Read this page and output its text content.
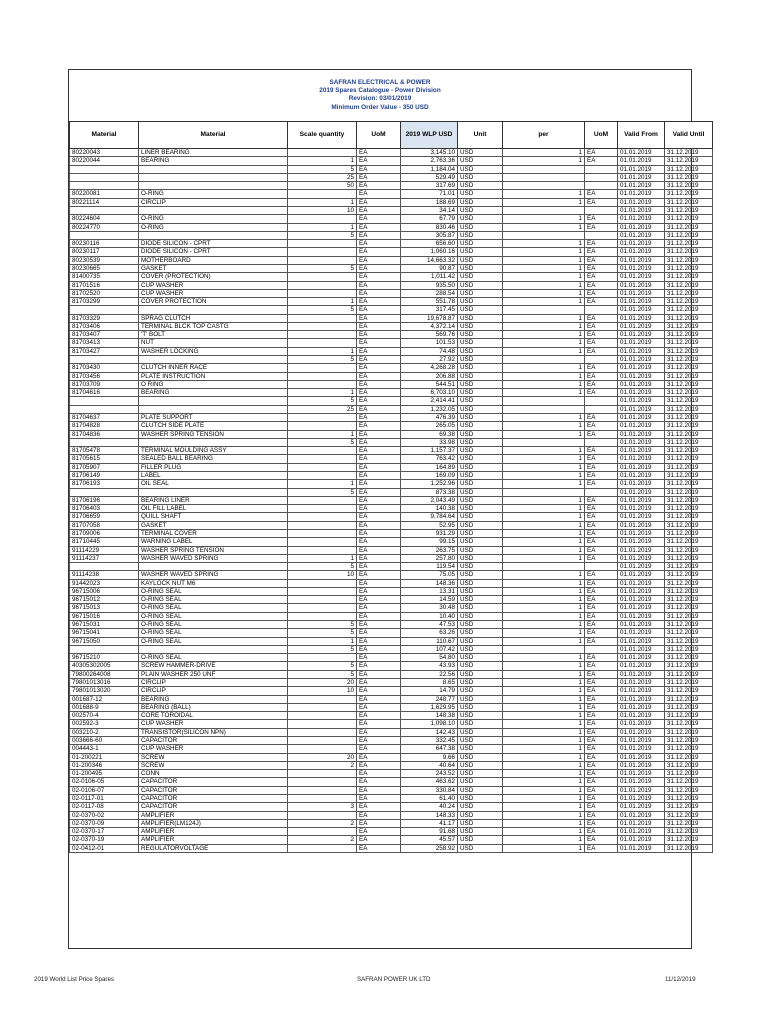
SAFRAN ELECTRICAL & POWER
2019 Spares Catalogue - Power Division
Revision: 03/01/2019
Minimum Order Value - 350 USD
Material	Material	Scale quantity	UoM	2019 WLP USD	Unit	per	UoM	Valid From	Valid Until
80220043	LINER BEARING		EA	3,145.10	USD	1	EA	01.01.2019	31.12.2019
80220044	BEARING	1	EA	2,763.36	USD	1	EA	01.01.2019	31.12.2019
		5	EA	1,184.04	USD			01.01.2019	31.12.2019
		25	EA	529.49	USD			01.01.2019	31.12.2019
		50	EA	317.69	USD			01.01.2019	31.12.2019
80220081	O-RING		EA	71.01	USD	1	EA	01.01.2019	31.12.2019
80221114	CIRCLIP	1	EA	188.69	USD	1	EA	01.01.2019	31.12.2019
		10	EA	34.14	USD			01.01.2019	31.12.2019
80224604	O-RING		EA	67.79	USD	1	EA	01.01.2019	31.12.2019
80224770	O-RING	1	EA	830.46	USD	1	EA	01.01.2019	31.12.2019
		5	EA	305.87	USD			01.01.2019	31.12.2019
80230116	DIODE SILICON - CPRT		EA	656.60	USD	1	EA	01.01.2019	31.12.2019
80230117	DIODE SILICON - CPRT		EA	1,060.16	USD	1	EA	01.01.2019	31.12.2019
80230539	MOTHERBOARD		EA	14,663.32	USD	1	EA	01.01.2019	31.12.2019
80230665	GASKET	5	EA	90.87	USD	1	EA	01.01.2019	31.12.2019
81400735	COVER (PROTECTION)		EA	1,011.42	USD	1	EA	01.01.2019	31.12.2019
81701516	CUP WASHER		EA	935.50	USD	1	EA	01.01.2019	31.12.2019
81702520	CUP WASHER		EA	288.54	USD	1	EA	01.01.2019	31.12.2019
81703299	COVER PROTECTION	1	EA	551.78	USD	1	EA	01.01.2019	31.12.2019
		5	EA	317.45	USD			01.01.2019	31.12.2019
81703329	SPRAG CLUTCH		EA	19,678.87	USD	1	EA	01.01.2019	31.12.2019
81703406	TERMINAL BLCK TOP CASTG		EA	4,372.14	USD	1	EA	01.01.2019	31.12.2019
81703407	'T' BOLT		EA	569.76	USD	1	EA	01.01.2019	31.12.2019
81703413	NUT		EA	101.53	USD	1	EA	01.01.2019	31.12.2019
81703427	WASHER LOCKING	1	EA	74.48	USD	1	EA	01.01.2019	31.12.2019
		5	EA	27.92	USD			01.01.2019	31.12.2019
81703430	CLUTCH INNER RACE		EA	4,268.28	USD	1	EA	01.01.2019	31.12.2019
81703456	PLATE INSTRUCTION		EA	206.88	USD	1	EA	01.01.2019	31.12.2019
81703709	O RING		EA	544.51	USD	1	EA	01.01.2019	31.12.2019
81704616	BEARING	1	EA	6,703.10	USD	1	EA	01.01.2019	31.12.2019
		5	EA	2,414.41	USD			01.01.2019	31.12.2019
		25	EA	1,232.05	USD			01.01.2019	31.12.2019
81704637	PLATE SUPPORT		EA	476.39	USD	1	EA	01.01.2019	31.12.2019
81704828	CLUTCH SIDE PLATE		EA	265.05	USD	1	EA	01.01.2019	31.12.2019
81704836	WASHER SPRING TENSION	1	EA	69.38	USD	1	EA	01.01.2019	31.12.2019
		5	EA	33.98	USD			01.01.2019	31.12.2019
81705478	TERMINAL MOULDING ASSY		EA	1,157.37	USD	1	EA	01.01.2019	31.12.2019
81705615	SEALED BALL BEARING		EA	763.42	USD	1	EA	01.01.2019	31.12.2019
81705907	FILLER PLUG		EA	164.89	USD	1	EA	01.01.2019	31.12.2019
81706149	LABEL		EA	169.09	USD	1	EA	01.01.2019	31.12.2019
81706193	OIL SEAL	1	EA	1,252.96	USD	1	EA	01.01.2019	31.12.2019
		5	EA	873.38	USD			01.01.2019	31.12.2019
81706196	BEARING LINER		EA	2,043.49	USD	1	EA	01.01.2019	31.12.2019
81706403	OIL FILL LABEL		EA	140.38	USD	1	EA	01.01.2019	31.12.2019
81706659	QUILL SHAFT		EA	9,784.64	USD	1	EA	01.01.2019	31.12.2019
81707058	GASKET		EA	52.95	USD	1	EA	01.01.2019	31.12.2019
81709006	TERMINAL COVER		EA	931.29	USD	1	EA	01.01.2019	31.12.2019
81710445	WARNING LABEL		EA	99.15	USD	1	EA	01.01.2019	31.12.2019
91114229	WASHER SPRING TENSION		EA	263.75	USD	1	EA	01.01.2019	31.12.2019
91114237	WASHER WAVED SPRING	1	EA	257.80	USD	1	EA	01.01.2019	31.12.2019
		5	EA	119.54	USD			01.01.2019	31.12.2019
91114238	WASHER WAVED SPRING	10	EA	75.05	USD	1	EA	01.01.2019	31.12.2019
91442023	KAYLOCK NUT M6		EA	148.36	USD	1	EA	01.01.2019	31.12.2019
96715006	O-RING SEAL		EA	13.31	USD	1	EA	01.01.2019	31.12.2019
96715012	O-RING SEAL		EA	14.59	USD	1	EA	01.01.2019	31.12.2019
96715013	O-RING SEAL		EA	30.48	USD	1	EA	01.01.2019	31.12.2019
96715016	O-RING SEAL		EA	10.40	USD	1	EA	01.01.2019	31.12.2019
96715031	O-RING SEAL	5	EA	47.53	USD	1	EA	01.01.2019	31.12.2019
96715041	O-RING SEAL	5	EA	63.26	USD	1	EA	01.01.2019	31.12.2019
96715050	O-RING SEAL	1	EA	110.67	USD	1	EA	01.01.2019	31.12.2019
		5	EA	107.42	USD			01.01.2019	31.12.2019
96715210	O-RING SEAL		EA	54.80	USD	1	EA	01.01.2019	31.12.2019
40305302005	SCREW HAMMER-DRIVE	5	EA	43.93	USD	1	EA	01.01.2019	31.12.2019
79800264008	PLAIN WASHER 250 UNF	5	EA	22.56	USD	1	EA	01.01.2019	31.12.2019
79801013016	CIRCLIP	20	EA	8.65	USD	1	EA	01.01.2019	31.12.2019
79801013020	CIRCLIP	10	EA	14.79	USD	1	EA	01.01.2019	31.12.2019
001687-12	BEARING		EA	248.77	USD	1	EA	01.01.2019	31.12.2019
001688-9	BEARING (BALL)		EA	1,629.95	USD	1	EA	01.01.2019	31.12.2019
002570-4	CORE TOROIDAL		EA	148.38	USD	1	EA	01.01.2019	31.12.2019
002592-3	CUP WASHER		EA	1,098.10	USD	1	EA	01.01.2019	31.12.2019
003210-2	TRANSISTOR(SILICON NPN)		EA	142.43	USD	1	EA	01.01.2019	31.12.2019
003666-60	CAPACITOR		EA	332.45	USD	1	EA	01.01.2019	31.12.2019
004443-1	CUP WASHER		EA	647.38	USD	1	EA	01.01.2019	31.12.2019
01-200221	SCREW	20	EA	9.66	USD	1	EA	01.01.2019	31.12.2019
01-200346	SCREW	2	EA	40.64	USD	1	EA	01.01.2019	31.12.2019
01-200495	CONN		EA	243.52	USD	1	EA	01.01.2019	31.12.2019
02-0106-05	CAPACITOR		EA	463.62	USD	1	EA	01.01.2019	31.12.2019
02-0106-07	CAPACITOR		EA	330.84	USD	1	EA	01.01.2019	31.12.2019
02-0117-01	CAPACITOR		EA	61.40	USD	1	EA	01.01.2019	31.12.2019
02-0117-08	CAPACITOR	3	EA	40.24	USD	1	EA	01.01.2019	31.12.2019
02-0370-02	AMPLIFIER		EA	148.33	USD	1	EA	01.01.2019	31.12.2019
02-0370-09	AMPLIFIER(LM124J)	2	EA	41.17	USD	1	EA	01.01.2019	31.12.2019
02-0370-17	AMPLIFIER		EA	91.68	USD	1	EA	01.01.2019	31.12.2019
02-0370-19	AMPLIFIER	2	EA	45.57	USD	1	EA	01.01.2019	31.12.2019
02-0412-01	REGULATORVOLTAGE		EA	258.92	USD	1	EA	01.01.2019	31.12.2019
2019 World List Price Spares	SAFRAN POWER UK LTD	11/12/2019
